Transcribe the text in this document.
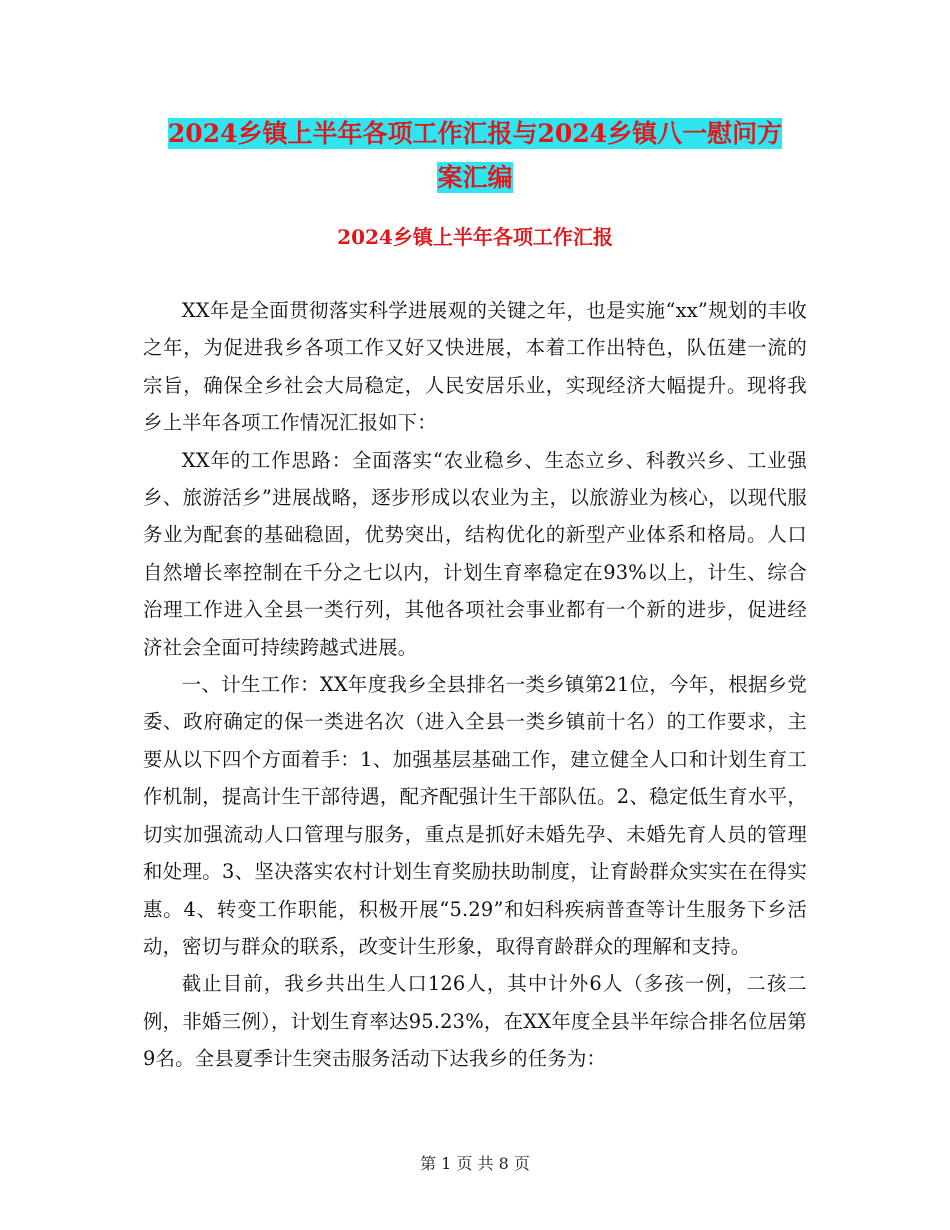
2024乡镇上半年各项工作汇报与2024乡镇八一慰问方
案汇编
2024乡镇上半年各项工作汇报

XX年是全面贯彻落实科学进展观的关键之年，也是实施“xx”规划的丰收之年，为促进我乡各项工作又好又快进展，本着工作出特色，队伍建一流的宗旨，确保全乡社会大局稳定，人民安居乐业，实现经济大幅提升。现将我乡上半年各项工作情况汇报如下：

XX年的工作思路：全面落实“农业稳乡、生态立乡、科教兴乡、工业强乡、旅游活乡”进展战略，逐步形成以农业为主，以旅游业为核心，以现代服务业为配套的基础稳固，优势突出，结构优化的新型产业体系和格局。人口自然增长率控制在千分之七以内，计划生育率稳定在93%以上，计生、综合治理工作进入全县一类行列，其他各项社会事业都有一个新的进步，促进经济社会全面可持续跨越式进展。

一、计生工作：XX年度我乡全县排名一类乡镇第21位，今年，根据乡党委、政府确定的保一类进名次（进入全县一类乡镇前十名）的工作要求，主要从以下四个方面着手：1、加强基层基础工作，建立健全人口和计划生育工作机制，提高计生干部待遇，配齐配强计生干部队伍。2、稳定低生育水平，切实加强流动人口管理与服务，重点是抓好未婚先孕、未婚先育人员的管理和处理。3、坚决落实农村计划生育奖励扶助制度，让育龄群众实实在在得实惠。4、转变工作职能，积极开展“5.29”和妇科疾病普查等计生服务下乡活动，密切与群众的联系，改变计生形象，取得育龄群众的理解和支持。

截止目前，我乡共出生人口126人，其中计外6人（多孩一例，二孩二例，非婚三例），计划生育率达95.23%，在XX年度全县半年综合排名位居第9名。全县夏季计生突击服务活动下达我乡的任务为：

第 1 页 共 8 页
